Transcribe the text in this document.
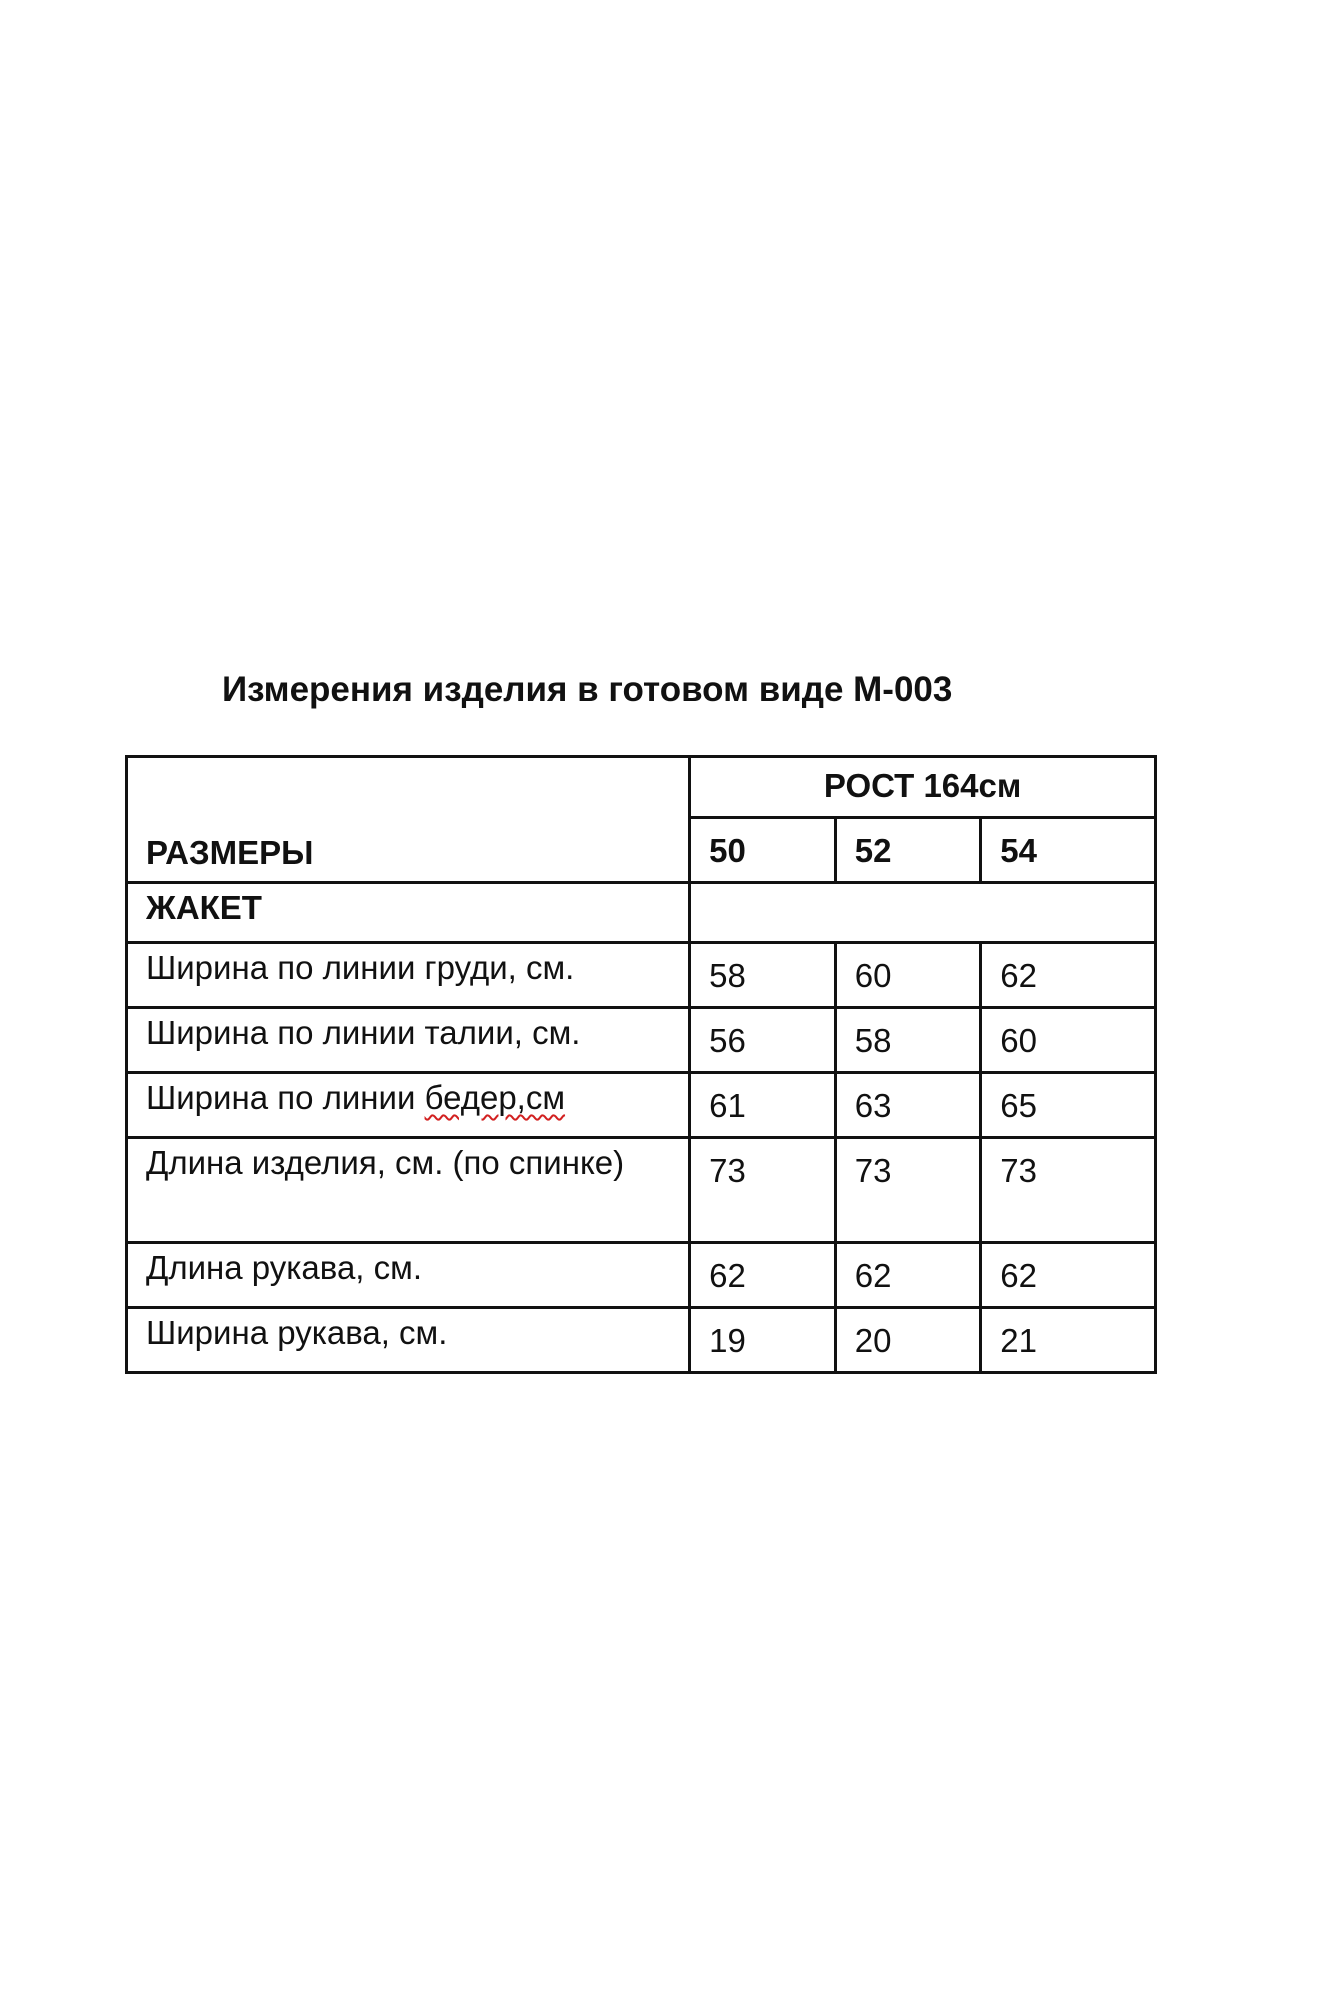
Измерения изделия в готовом виде М-003
РАЗМЕРЫ	РОСТ 164см		
	50	52	54
ЖАКЕТ			
Ширина по линии груди, см.	58	60	62
Ширина по линии талии, см.	56	58	60
Ширина по линии бедер,см	61	63	65
Длина изделия, см. (по спинке)	73	73	73
Длина рукава, см.	62	62	62
Ширина рукава, см.	19	20	21
